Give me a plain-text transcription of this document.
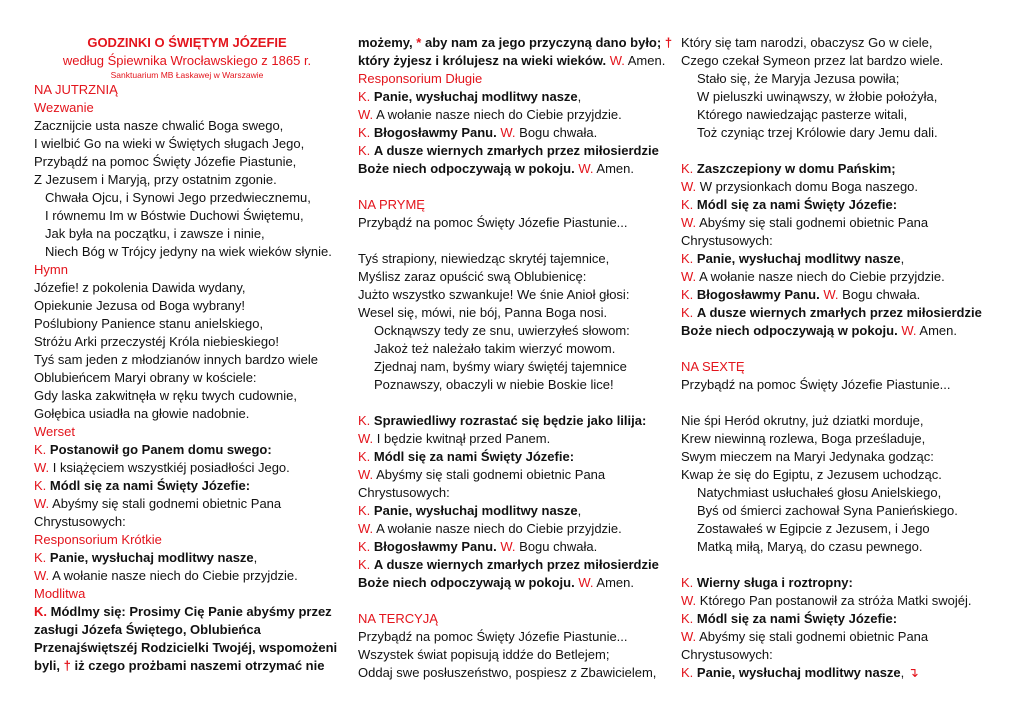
GODZINKI O ŚWIĘTYM JÓZEFIE

według Śpiewnika Wrocławskiego z 1865 r.

Sanktuarium MB Łaskawej w Warszawie

NA JUTRZNIĄ

Wezwanie

Zacznijcie usta nasze chwalić Boga swego,

I wielbić Go na wieki w Świętych sługach Jego,

Przybądź na pomoc Święty Józefie Piastunie,

Z Jezusem i Maryją, przy ostatnim zgonie.

Chwała Ojcu, i Synowi Jego przedwiecznemu,

I równemu Im w Bóstwie Duchowi Świętemu,

Jak była na początku, i zawsze i ninie,

Niech Bóg w Trójcy jedyny na wiek wieków słynie.

Hymn

Józefie! z pokolenia Dawida wydany,

Opiekunie Jezusa od Boga wybrany!

Poślubiony Panience stanu anielskiego,

Stróżu Arki przeczystéj Króla niebieskiego!

Tyś sam jeden z młodzianów innych bardzo wiele

Oblubieńcem Maryi obrany w kościele:

Gdy laska zakwitnęła w ręku twych cudownie,

Gołębica usiadła na głowie nadobnie.

Werset

K. Postanowił go Panem domu swego:

W. I książęciem wszystkiéj posiadłości Jego.

K. Módl się za nami Święty Józefie:

W. Abyśmy się stali godnemi obietnic Pana

Chrystusowych:

Responsorium Krótkie

K. Panie, wysłuchaj modlitwy nasze,

W. A wołanie nasze niech do Ciebie przyjdzie.

Modlitwa

K. Módlmy się: Prosimy Cię Panie abyśmy przez

zasługi Józefa Świętego, Oblubieńca

Przenajświętszéj Rodzicielki Twojéj, wspomożeni

byli, † iż czego prożbami naszemi otrzymać nie

możemy, * aby nam za jego przyczyną dano było; †

który żyjesz i królujesz na wieki wieków. W. Amen.

Responsorium Długie

K. Panie, wysłuchaj modlitwy nasze,

W. A wołanie nasze niech do Ciebie przyjdzie.

K. Błogosławmy Panu. W. Bogu chwała.

K. A dusze wiernych zmarłych przez miłosierdzie

Boże niech odpoczywają w pokoju. W. Amen.

NA PRYMĘ

Przybądź na pomoc Święty Józefie Piastunie...

Tyś strapiony, niewiedząc skrytéj tajemnice,

Myślisz zaraz opuścić swą Oblubienicę:

Jużto wszystko szwankuje! We śnie Anioł głosi:

Wesel się, mówi, nie bój, Panna Boga nosi.

Ocknąwszy tedy ze snu, uwierzyłeś słowom:

Jakoż też należało takim wierzyć mowom.

Zjednaj nam, byśmy wiary świętéj tajemnice

Poznawszy, obaczyli w niebie Boskie lice!

K. Sprawiedliwy rozrastać się będzie jako lilija:

W. I będzie kwitnął przed Panem.

K. Módl się za nami Święty Józefie:

W. Abyśmy się stali godnemi obietnic Pana

Chrystusowych:

K. Panie, wysłuchaj modlitwy nasze,

W. A wołanie nasze niech do Ciebie przyjdzie.

K. Błogosławmy Panu. W. Bogu chwała.

K. A dusze wiernych zmarłych przez miłosierdzie

Boże niech odpoczywają w pokoju. W. Amen.

NA TERCYJĄ

Przybądź na pomoc Święty Józefie Piastunie...

Wszystek świat popisują iddźe do Betlejem;

Oddaj swe posłuszeństwo, pospiesz z Zbawicielem,

Który się tam narodzi, obaczysz Go w ciele,

Czego czekał Symeon przez lat bardzo wiele.

Stało się, że Maryja Jezusa powiła;

W pieluszki uwinąwszy, w żłobie położyła,

Którego nawiedzając pasterze witali,

Toż czyniąc trzej Królowie dary Jemu dali.

K. Zaszczepiony w domu Pańskim;

W. W przysionkach domu Boga naszego.

K. Módl się za nami Święty Józefie:

W. Abyśmy się stali godnemi obietnic Pana

Chrystusowych:

K. Panie, wysłuchaj modlitwy nasze,

W. A wołanie nasze niech do Ciebie przyjdzie.

K. Błogosławmy Panu. W. Bogu chwała.

K. A dusze wiernych zmarłych przez miłosierdzie

Boże niech odpoczywają w pokoju. W. Amen.

NA SEXTĘ

Przybądź na pomoc Święty Józefie Piastunie...

Nie śpi Heród okrutny, już dziatki morduje,

Krew niewinną rozlewa, Boga prześladuje,

Swym mieczem na Maryi Jedynaka godząc:

Kwap że się do Egiptu, z Jezusem uchodząc.

Natychmiast usłuchałeś głosu Anielskiego,

Byś od śmierci zachował Syna Panieńskiego.

Zostawałeś w Egipcie z Jezusem, i Jego

Matką miłą, Maryą, do czasu pewnego.

K. Wierny sługa i roztropny:

W. Którego Pan postanowił za stróża Matki swojéj.

K. Módl się za nami Święty Józefie:

W. Abyśmy się stali godnemi obietnic Pana

Chrystusowych:

K. Panie, wysłuchaj modlitwy nasze, ↴
